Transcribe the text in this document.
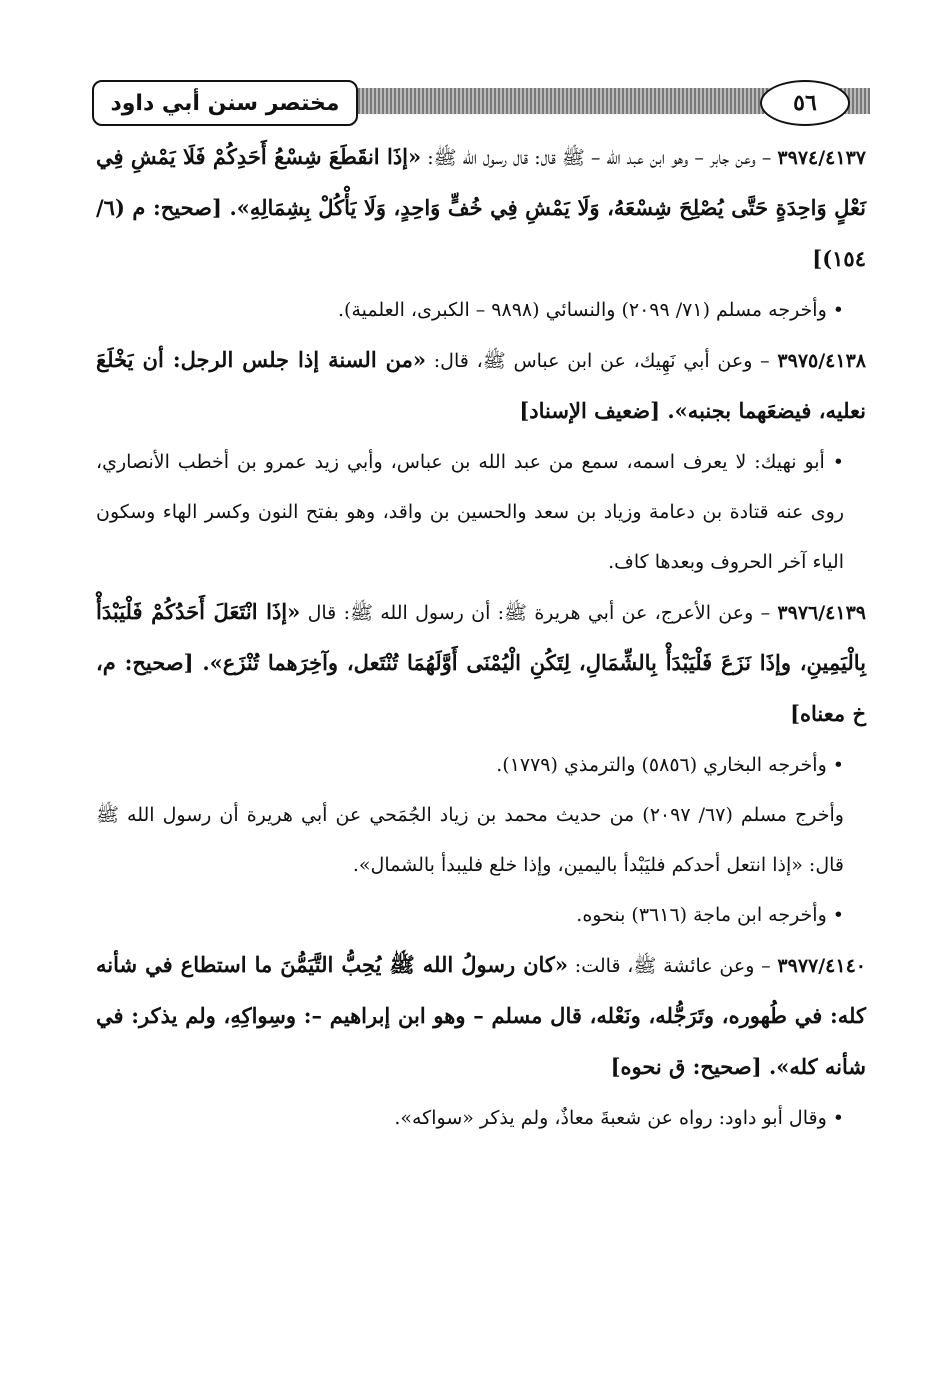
مختصر سنن أبي داود	٥٦

٣٩٧٤/٤١٣٧ – وعن جابر – وهو ابن عبد الله – ﷺ قال: قال رسول الله ﷺ: «إذَا انقَطَعَ شِسْعُ أَحَدِكُمْ فَلَا يَمْشِ فِي نَعْلٍ وَاحِدَةٍ حَتَّى يُصْلِحَ شِسْعَهُ، وَلَا يَمْشِ فِي خُفٍّ وَاحِدٍ، وَلَا يَأْكُلْ بِشِمَالِهِ». [صحيح: م (٦/ ١٥٤)]

• وأخرجه مسلم (٧١/ ٢٠٩٩) والنسائي (٩٨٩٨ – الكبرى، العلمية).

٣٩٧٥/٤١٣٨ – وعن أبي نَهِيك، عن ابن عباس ﷺ، قال: «من السنة إذا جلس الرجل: أن يَخْلَعَ نعليه، فيضعَهما بجنبه». [ضعيف الإسناد]

• أبو نهيك: لا يعرف اسمه، سمع من عبد الله بن عباس، وأبي زيد عمرو بن أخطب الأنصاري، روى عنه قتادة بن دعامة وزياد بن سعد والحسين بن واقد، وهو بفتح النون وكسر الهاء وسكون الياء آخر الحروف وبعدها كاف.

٣٩٧٦/٤١٣٩ – وعن الأعرج، عن أبي هريرة ﷺ: أن رسول الله ﷺ: قال «إذَا انْتَعَلَ أَحَدُكُمْ فَلْيَبْدَأْ بِالْيَمِينِ، وإذَا نَزَعَ فَلْيَبْدَأْ بِالشِّمَالِ، لِتَكُنِ الْيُمْنَى أَوَّلَهُمَا تُنْتَعل، وآخِرَهما تُنْزَع». [صحيح: م، خ معناه]

• وأخرجه البخاري (٥٨٥٦) والترمذي (١٧٧٩).

وأخرج مسلم (٦٧/ ٢٠٩٧) من حديث محمد بن زياد الجُمَحي عن أبي هريرة أن رسول الله ﷺ قال: «إذا انتعل أحدكم فليَبْدأ باليمين، وإذا خلع فليبدأ بالشمال».

• وأخرجه ابن ماجة (٣٦١٦) بنحوه.

٣٩٧٧/٤١٤٠ – وعن عائشة ﷺ، قالت: «كان رسولُ الله ﷺ يُحِبُّ التَّيَمُّنَ ما استطاع في شأنه كله: في طُهوره، وتَرَجُّله، ونَعْله، قال مسلم – وهو ابن إبراهيم –: وسِواكِهِ، ولم يذكر: في شأنه كله». [صحيح: ق نحوه]

• وقال أبو داود: رواه عن شعبةَ معاذٌ، ولم يذكر «سواكه».
